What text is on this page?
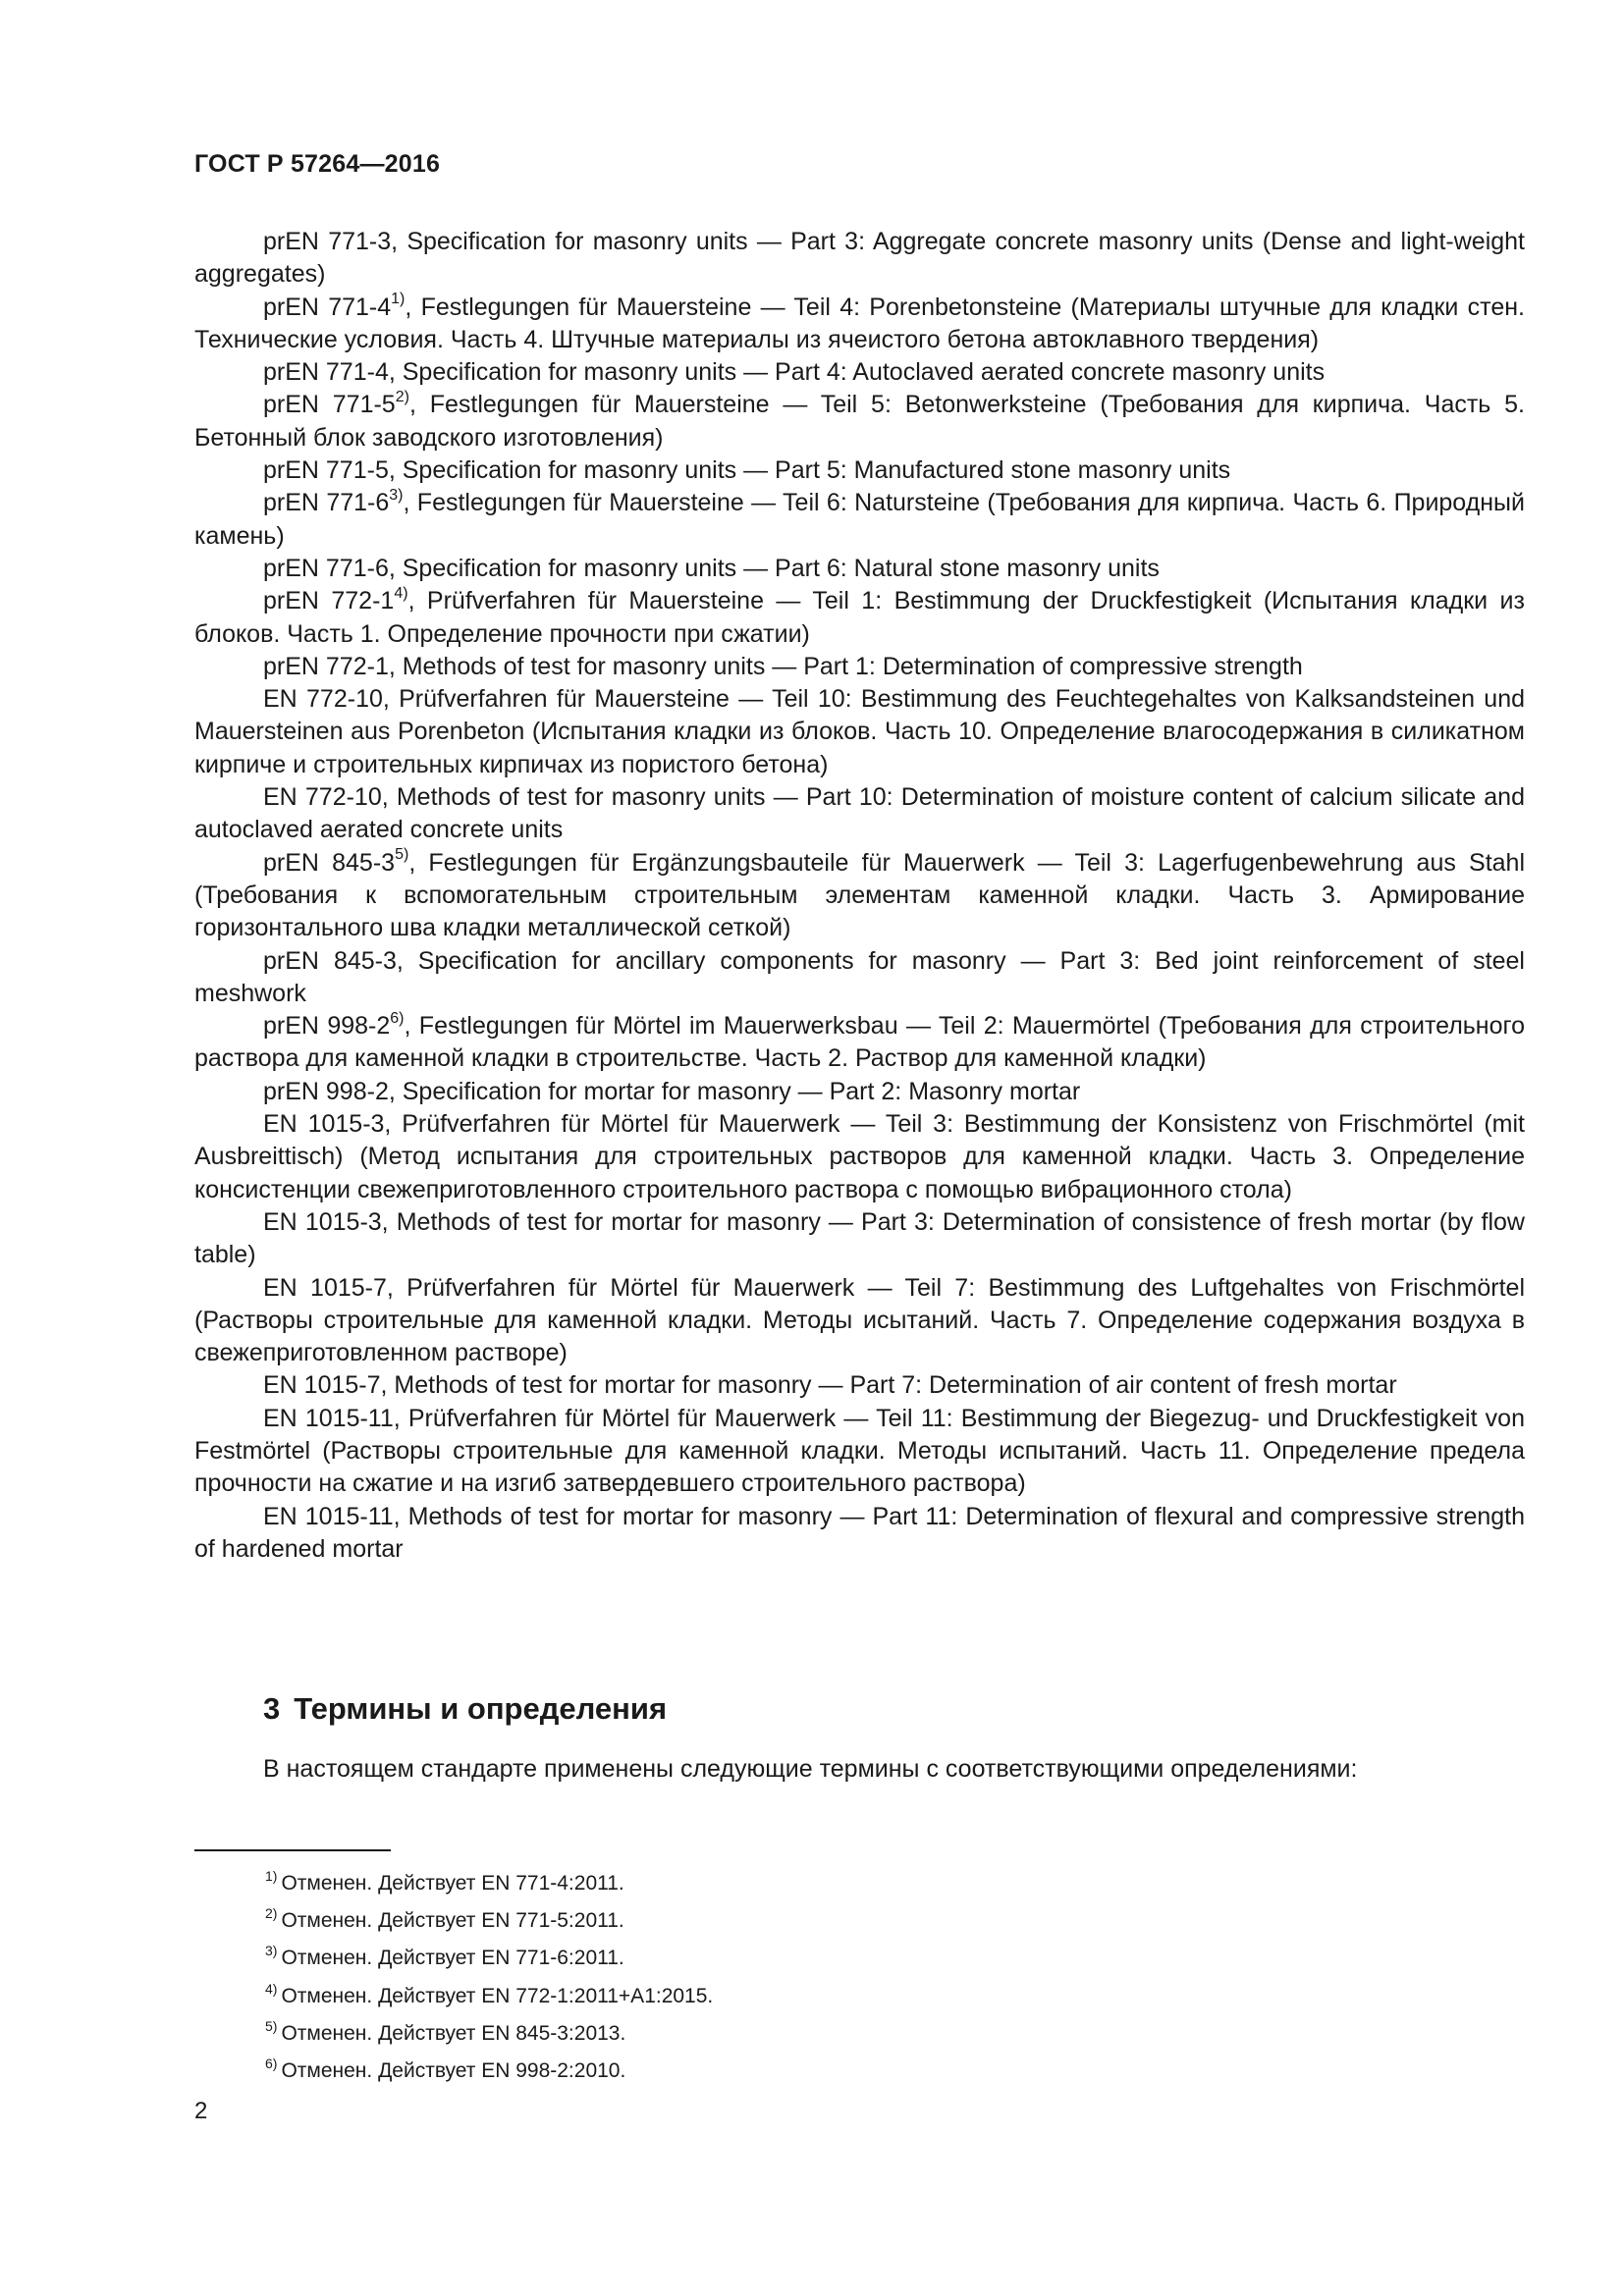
ГОСТ Р 57264—2016

prEN 771-3, Specification for masonry units — Part 3: Aggregate concrete masonry units (Dense and light-weight aggregates)

prEN 771-4$^{1)}$, Festlegungen für Mauersteine — Teil 4: Porenbetonsteine (Материалы штучные для кладки стен. Технические условия. Часть 4. Штучные материалы из ячеистого бетона автоклавного твердения)

prEN 771-4, Specification for masonry units — Part 4: Autoclaved aerated concrete masonry units

prEN 771-5$^{2)}$, Festlegungen für Mauersteine — Teil 5: Betonwerksteine (Требования для кирпича. Часть 5. Бетонный блок заводского изготовления)

prEN 771-5, Specification for masonry units — Part 5: Manufactured stone masonry units

prEN 771-6$^{3)}$, Festlegungen für Mauersteine — Teil 6: Natursteine (Требования для кирпича. Часть 6. Природный камень)

prEN 771-6, Specification for masonry units — Part 6: Natural stone masonry units

prEN 772-1$^{4)}$, Prüfverfahren für Mauersteine — Teil 1: Bestimmung der Druckfestigkeit (Испытания кладки из блоков. Часть 1. Определение прочности при сжатии)

prEN 772-1, Methods of test for masonry units — Part 1: Determination of compressive strength

EN 772-10, Prüfverfahren für Mauersteine — Teil 10: Bestimmung des Feuchtegehaltes von Kalksandsteinen und Mauersteinen aus Porenbeton (Испытания кладки из блоков. Часть 10. Определение влагосодержания в силикатном кирпиче и строительных кирпичах из пористого бетона)

EN 772-10, Methods of test for masonry units — Part 10: Determination of moisture content of calcium silicate and autoclaved aerated concrete units

prEN 845-3$^{5)}$, Festlegungen für Ergänzungsbauteile für Mauerwerk — Teil 3: Lagerfugenbewehrung aus Stahl (Требования к вспомогательным строительным элементам каменной кладки. Часть 3. Армирование горизонтального шва кладки металлической сеткой)

prEN 845-3, Specification for ancillary components for masonry — Part 3: Bed joint reinforcement of steel meshwork

prEN 998-2$^{6)}$, Festlegungen für Mörtel im Mauerwerksbau — Teil 2: Mauermörtel (Требования для строительного раствора для каменной кладки в строительстве. Часть 2. Раствор для каменной кладки)

prEN 998-2, Specification for mortar for masonry — Part 2: Masonry mortar

EN 1015-3, Prüfverfahren für Mörtel für Mauerwerk — Teil 3: Bestimmung der Konsistenz von Frischmörtel (mit Ausbreittisch) (Метод испытания для строительных растворов для каменной кладки. Часть 3. Определение консистенции свежеприготовленного строительного раствора с помощью вибрационного стола)

EN 1015-3, Methods of test for mortar for masonry — Part 3: Determination of consistence of fresh mortar (by flow table)

EN 1015-7, Prüfverfahren für Mörtel für Mauerwerk — Teil 7: Bestimmung des Luftgehaltes von Frischmörtel (Растворы строительные для каменной кладки. Методы исытаний. Часть 7. Определение содержания воздуха в свежеприготовленном растворе)

EN 1015-7, Methods of test for mortar for masonry — Part 7: Determination of air content of fresh mortar

EN 1015-11, Prüfverfahren für Mörtel für Mauerwerk — Teil 11: Bestimmung der Biegezug- und Druckfestigkeit von Festmörtel (Растворы строительные для каменной кладки. Методы испытаний. Часть 11. Определение предела прочности на сжатие и на изгиб затвердевшего строительного раствора)

EN 1015-11, Methods of test for mortar for masonry — Part 11: Determination of flexural and compressive strength of hardened mortar

3 Термины и определения
В настоящем стандарте применены следующие термины с соответствующими определениями:
$^{1)}$ Отменен. Действует EN 771-4:2011.
$^{2)}$ Отменен. Действует EN 771-5:2011.
$^{3)}$ Отменен. Действует EN 771-6:2011.
$^{4)}$ Отменен. Действует EN 772-1:2011+A1:2015.
$^{5)}$ Отменен. Действует EN 845-3:2013.
$^{6)}$ Отменен. Действует EN 998-2:2010.
2
